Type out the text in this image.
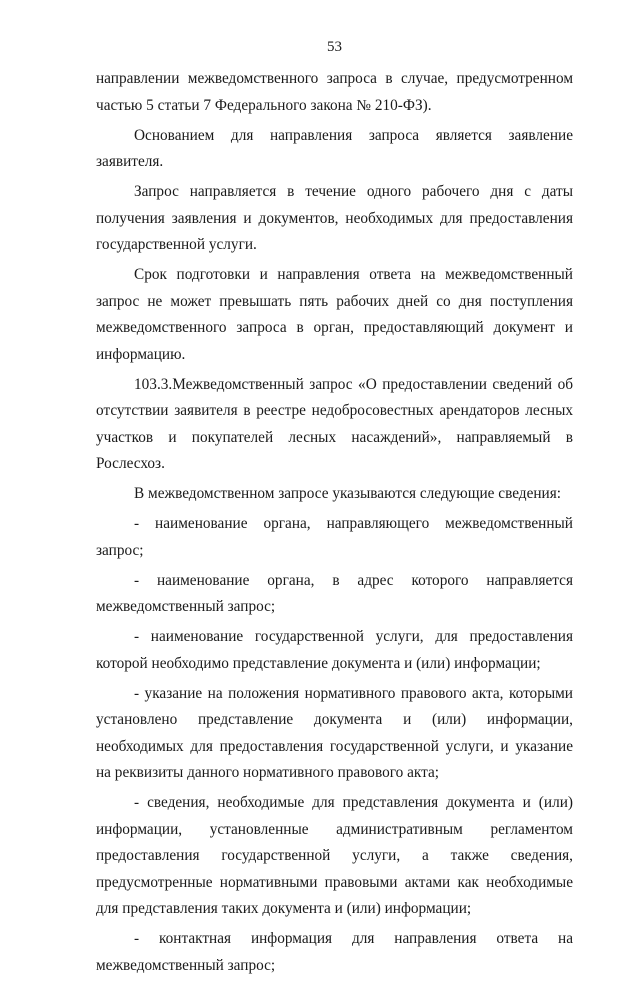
53

направлении межведомственного запроса в случае, предусмотренном частью 5 статьи 7 Федерального закона № 210-ФЗ).

Основанием для направления запроса является заявление заявителя.

Запрос направляется в течение одного рабочего дня с даты получения заявления и документов, необходимых для предоставления государственной услуги.

Срок подготовки и направления ответа на межведомственный запрос не может превышать пять рабочих дней со дня поступления межведомственного запроса в орган, предоставляющий документ и информацию.

103.3.Межведомственный запрос «О предоставлении сведений об отсутствии заявителя в реестре недобросовестных арендаторов лесных участков и покупателей лесных насаждений», направляемый в Рослесхоз.

В межведомственном запросе указываются следующие сведения:

- наименование органа, направляющего межведомственный запрос;

- наименование органа, в адрес которого направляется межведомственный запрос;

- наименование государственной услуги, для предоставления которой необходимо представление документа и (или) информации;

- указание на положения нормативного правового акта, которыми установлено представление документа и (или) информации, необходимых для предоставления государственной услуги, и указание на реквизиты данного нормативного правового акта;

- сведения, необходимые для представления документа и (или) информации, установленные административным регламентом предоставления государственной услуги, а также сведения, предусмотренные нормативными правовыми актами как необходимые для представления таких документа и (или) информации;

- контактная информация для направления ответа на межведомственный запрос;
